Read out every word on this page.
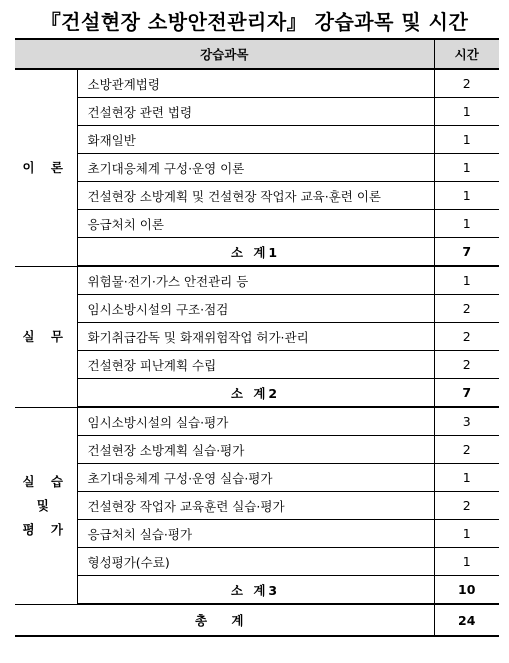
『건설현장 소방안전관리자』 강습과목 및 시간
강습과목		시간
이 론	소방관계법령	2
	건설현장 관련 법령	1
	화재일반	1
	초기대응체계 구성·운영 이론	1
	건설현장 소방계획 및 건설현장 작업자 교육·훈련 이론	1
	응급처치 이론	1
	소 계1	7
실 무	위험물·전기·가스 안전관리 등	1
	임시소방시설의 구조·점검	2
	화기취급감독 및 화재위험작업 허가·관리	2
	건설현장 피난계획 수립	2
	소 계2	7
실 습
및
평 가	임시소방시설의 실습·평가	3
	건설현장 소방계획 실습·평가	2
	초기대응체계 구성·운영 실습·평가	1
	건설현장 작업자 교육훈련 실습·평가	2
	응급처치 실습·평가	1
	형성평가(수료)	1
	소 계3	10
총 계		24
